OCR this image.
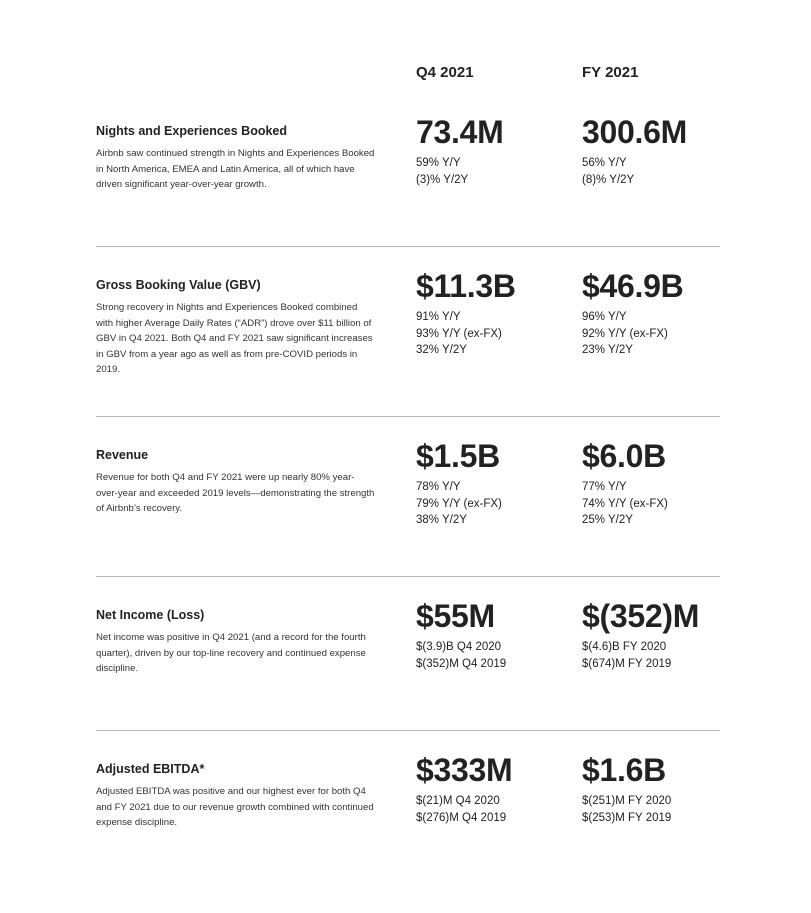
Q4 2021	FY 2021
Nights and Experiences Booked
Airbnb saw continued strength in Nights and Experiences Booked in North America, EMEA and Latin America, all of which have driven significant year-over-year growth.
73.4M
59% Y/Y
(3)% Y/2Y
300.6M
56% Y/Y
(8)% Y/2Y
Gross Booking Value (GBV)
Strong recovery in Nights and Experiences Booked combined with higher Average Daily Rates (“ADR”) drove over $11 billion of GBV in Q4 2021. Both Q4 and FY 2021 saw significant increases in GBV from a year ago as well as from pre-COVID periods in 2019.
$11.3B
91% Y/Y
93% Y/Y (ex-FX)
32% Y/2Y
$46.9B
96% Y/Y
92% Y/Y (ex-FX)
23% Y/2Y
Revenue
Revenue for both Q4 and FY 2021 were up nearly 80% year-over-year and exceeded 2019 levels—demonstrating the strength of Airbnb’s recovery.
$1.5B
78% Y/Y
79% Y/Y (ex-FX)
38% Y/2Y
$6.0B
77% Y/Y
74% Y/Y (ex-FX)
25% Y/2Y
Net Income (Loss)
Net income was positive in Q4 2021 (and a record for the fourth quarter), driven by our top-line recovery and continued expense discipline.
$55M
$(3.9)B Q4 2020
$(352)M Q4 2019
$(352)M
$(4.6)B FY 2020
$(674)M FY 2019
Adjusted EBITDA*
Adjusted EBITDA was positive and our highest ever for both Q4 and FY 2021 due to our revenue growth combined with continued expense discipline.
$333M
$(21)M Q4 2020
$(276)M Q4 2019
$1.6B
$(251)M FY 2020
$(253)M FY 2019
